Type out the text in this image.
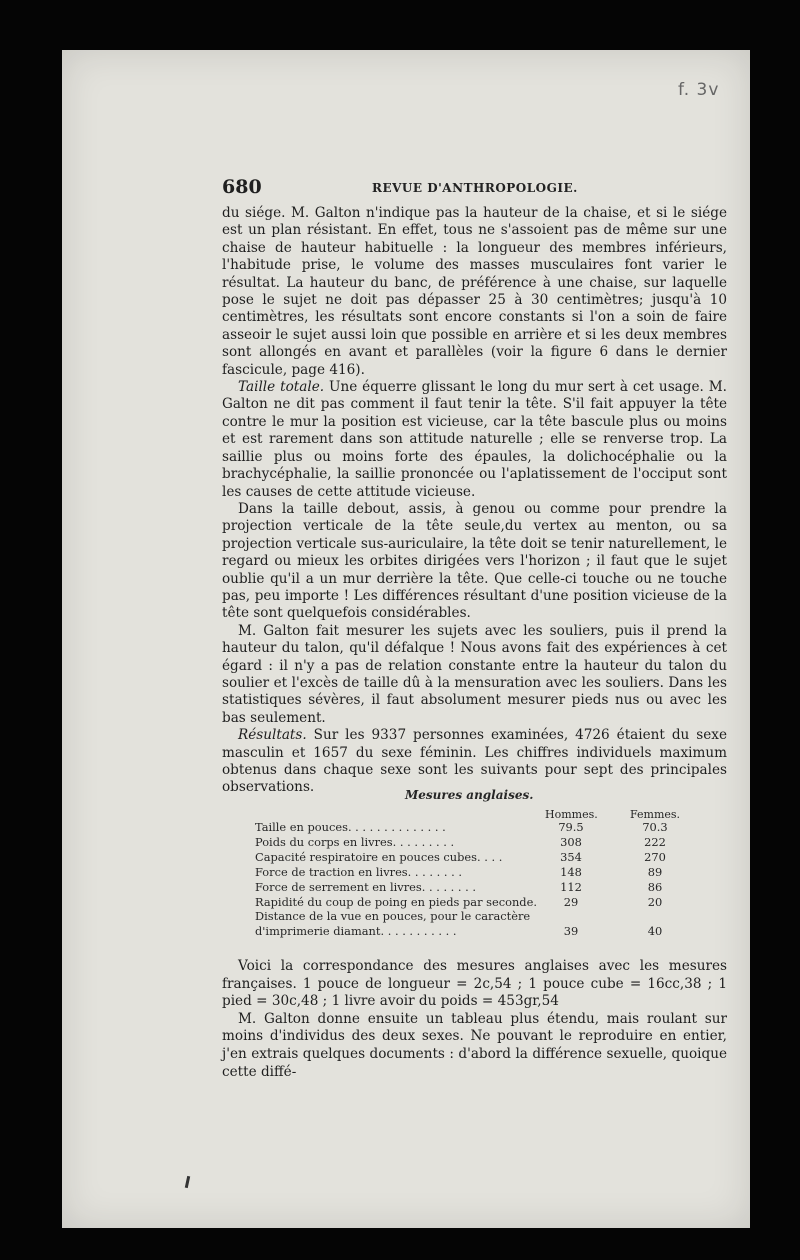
f. 3v
680	REVUE D'ANTHROPOLOGIE.

du siége. M. Galton n'indique pas la hauteur de la chaise, et si le siége est un plan résistant. En effet, tous ne s'assoient pas de même sur une chaise de hauteur habituelle : la longueur des membres inférieurs, l'habitude prise, le volume des masses musculaires font varier le résultat. La hauteur du banc, de préférence à une chaise, sur laquelle pose le sujet ne doit pas dépasser 25 à 30 centimètres; jusqu'à 10 centimètres, les résultats sont encore constants si l'on a soin de faire asseoir le sujet aussi loin que possible en arrière et si les deux membres sont allongés en avant et parallèles (voir la figure 6 dans le dernier fascicule, page 416).

Taille totale. Une équerre glissant le long du mur sert à cet usage. M. Galton ne dit pas comment il faut tenir la tête. S'il fait appuyer la tête contre le mur la position est vicieuse, car la tête bascule plus ou moins et est rarement dans son attitude naturelle ; elle se renverse trop. La saillie plus ou moins forte des épaules, la dolichocéphalie ou la brachycéphalie, la saillie prononcée ou l'aplatissement de l'occiput sont les causes de cette attitude vicieuse.

Dans la taille debout, assis, à genou ou comme pour prendre la projection verticale de la tête seule,du vertex au menton, ou sa projection verticale sus-auriculaire, la tête doit se tenir naturellement, le regard ou mieux les orbites dirigées vers l'horizon ; il faut que le sujet oublie qu'il a un mur derrière la tête. Que celle-ci touche ou ne touche pas, peu importe ! Les différences résultant d'une position vicieuse de la tête sont quelquefois considérables.

M. Galton fait mesurer les sujets avec les souliers, puis il prend la hauteur du talon, qu'il défalque ! Nous avons fait des expériences à cet égard : il n'y a pas de relation constante entre la hauteur du talon du soulier et l'excès de taille dû à la mensuration avec les souliers. Dans les statistiques sévères, il faut absolument mesurer pieds nus ou avec les bas seulement.

Résultats. Sur les 9337 personnes examinées, 4726 étaient du sexe masculin et 1657 du sexe féminin. Les chiffres individuels maximum obtenus dans chaque sexe sont les suivants pour sept des principales observations.	Mesures anglaises.
Hommes.	Femmes.
Taille en pouces. . . . . . . . . . . . . .	79.5	70.3
Poids du corps en livres. . . . . . . . .	308	222
Capacité respiratoire en pouces cubes. . . .	354	270
Force de traction en livres. . . . . . . .	148	89
Force de serrement en livres. . . . . . . .	112	86
Rapidité du coup de poing en pieds par seconde.	29	20
Distance de la vue en pouces, pour le caractère
d'imprimerie diamant. . . . . . . . . . .	39	40

Voici la correspondance des mesures anglaises avec les mesures françaises. 1 pouce de longueur = 2c,54 ; 1 pouce cube = 16cc,38 ; 1 pied = 30c,48 ; 1 livre avoir du poids = 453gr,54

M. Galton donne ensuite un tableau plus étendu, mais roulant sur moins d'individus des deux sexes. Ne pouvant le reproduire en entier, j'en extrais quelques documents : d'abord la différence sexuelle, quoique cette diffé-
